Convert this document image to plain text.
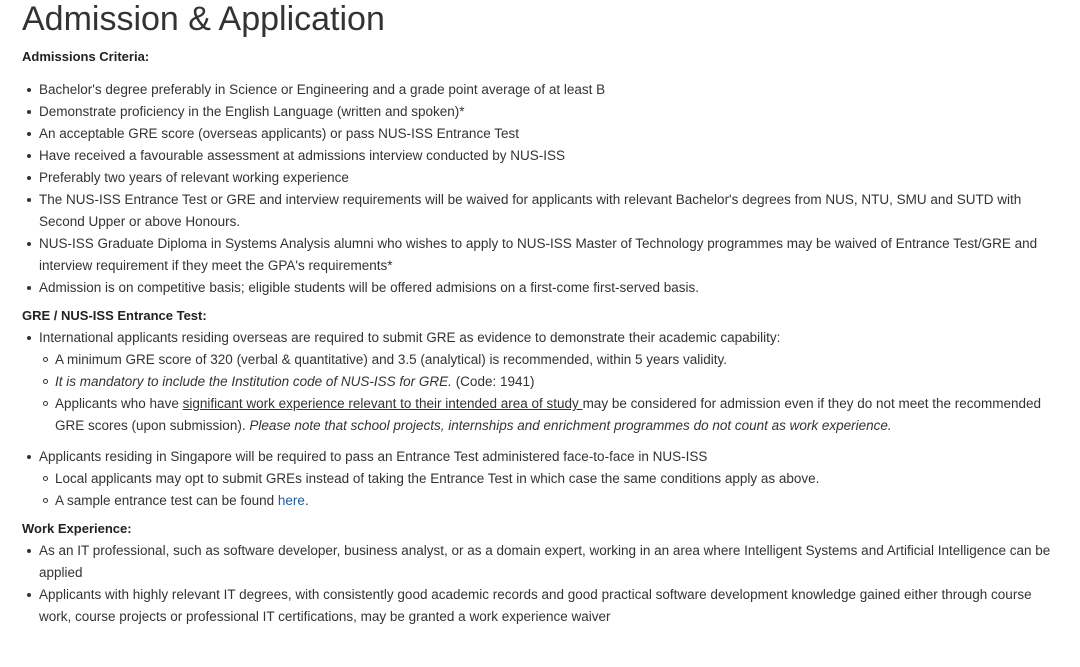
Admission & Application
Admissions Criteria:
Bachelor's degree preferably in Science or Engineering and a grade point average of at least B
Demonstrate proficiency in the English Language (written and spoken)*
An acceptable GRE score (overseas applicants) or pass NUS-ISS Entrance Test
Have received a favourable assessment at admissions interview conducted by NUS-ISS
Preferably two years of relevant working experience
The NUS-ISS Entrance Test or GRE and interview requirements will be waived for applicants with relevant Bachelor's degrees from NUS, NTU, SMU and SUTD with Second Upper or above Honours.
NUS-ISS Graduate Diploma in Systems Analysis alumni who wishes to apply to NUS-ISS Master of Technology programmes may be waived of Entrance Test/GRE and interview requirement if they meet the GPA's requirements*
Admission is on competitive basis; eligible students will be offered admisions on a first-come first-served basis.
GRE / NUS-ISS Entrance Test:
International applicants residing overseas are required to submit GRE as evidence to demonstrate their academic capability:
A minimum GRE score of 320 (verbal & quantitative) and 3.5 (analytical) is recommended, within 5 years validity.
It is mandatory to include the Institution code of NUS-ISS for GRE. (Code: 1941)
Applicants who have significant work experience relevant to their intended area of study may be considered for admission even if they do not meet the recommended GRE scores (upon submission). Please note that school projects, internships and enrichment programmes do not count as work experience.
Applicants residing in Singapore will be required to pass an Entrance Test administered face-to-face in NUS-ISS
Local applicants may opt to submit GREs instead of taking the Entrance Test in which case the same conditions apply as above.
A sample entrance test can be found here.
Work Experience:
As an IT professional, such as software developer, business analyst, or as a domain expert, working in an area where Intelligent Systems and Artificial Intelligence can be applied
Applicants with highly relevant IT degrees, with consistently good academic records and good practical software development knowledge gained either through course work, course projects or professional IT certifications, may be granted a work experience waiver
